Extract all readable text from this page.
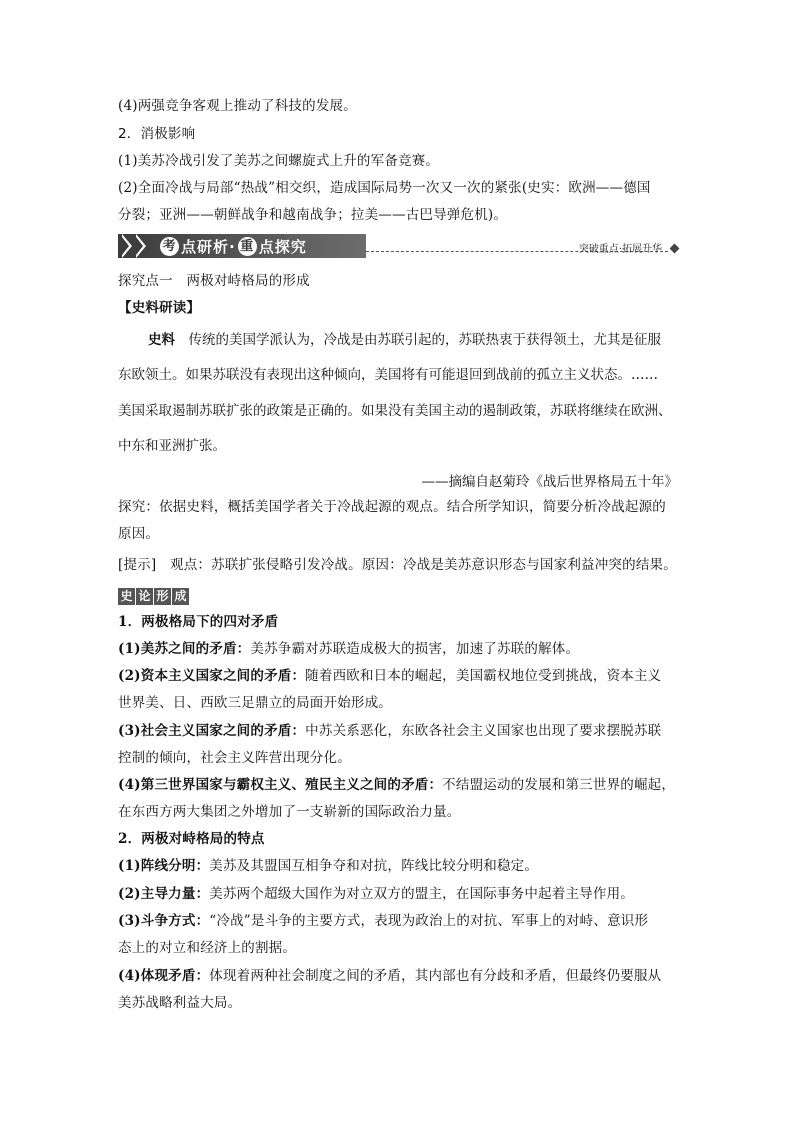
(4)两强竞争客观上推动了科技的发展。
2．消极影响
(1)美苏冷战引发了美苏之间螺旋式上升的军备竞赛。
(2)全面冷战与局部“热战”相交织，造成国际局势一次又一次的紧张(史实：欧洲——德国
分裂；亚洲——朝鲜战争和越南战争；拉美——古巴导弹危机)。
考 点研析· 重 点探究	突破重点·拓展升华
探究点一　两极对峙格局的形成
【史料研读】
史料　传统的美国学派认为，冷战是由苏联引起的，苏联热衷于获得领土，尤其是征服
东欧领土。如果苏联没有表现出这种倾向，美国将有可能退回到战前的孤立主义状态。……
美国采取遏制苏联扩张的政策是正确的。如果没有美国主动的遏制政策，苏联将继续在欧洲、
中东和亚洲扩张。
——摘编自赵菊玲《战后世界格局五十年》
探究：依据史料，概括美国学者关于冷战起源的观点。结合所学知识，简要分析冷战起源的
原因。
[提示]　观点：苏联扩张侵略引发冷战。原因：冷战是美苏意识形态与国家利益冲突的结果。
史 论 形 成
1．两极格局下的四对矛盾
(1)美苏之间的矛盾：美苏争霸对苏联造成极大的损害，加速了苏联的解体。
(2)资本主义国家之间的矛盾：随着西欧和日本的崛起，美国霸权地位受到挑战，资本主义
世界美、日、西欧三足鼎立的局面开始形成。
(3)社会主义国家之间的矛盾：中苏关系恶化，东欧各社会主义国家也出现了要求摆脱苏联
控制的倾向，社会主义阵营出现分化。
(4)第三世界国家与霸权主义、殖民主义之间的矛盾：不结盟运动的发展和第三世界的崛起，
在东西方两大集团之外增加了一支崭新的国际政治力量。
2．两极对峙格局的特点
(1)阵线分明：美苏及其盟国互相争夺和对抗，阵线比较分明和稳定。
(2)主导力量：美苏两个超级大国作为对立双方的盟主，在国际事务中起着主导作用。
(3)斗争方式：“冷战”是斗争的主要方式，表现为政治上的对抗、军事上的对峙、意识形
态上的对立和经济上的割据。
(4)体现矛盾：体现着两种社会制度之间的矛盾，其内部也有分歧和矛盾，但最终仍要服从
美苏战略利益大局。
